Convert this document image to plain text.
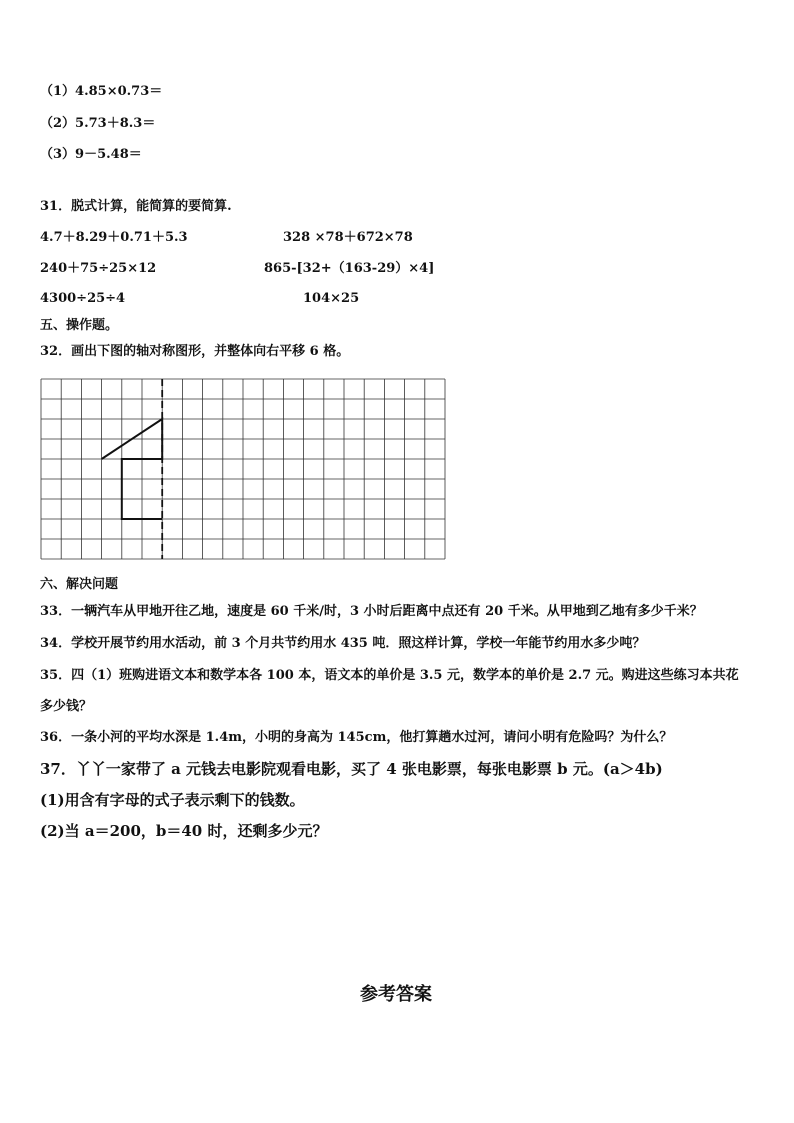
（1）4.85×0.73＝
（2）5.73＋8.3＝
（3）9－5.48＝
31．脱式计算，能简算的要简算.
4.7＋8.29＋0.71＋5.3	328 ×78＋672×78
240＋75÷25×12	865-[32+（163-29）×4]
4300÷25÷4	104×25
五、操作题。
32．画出下图的轴对称图形，并整体向右平移 6 格。
六、解决问题
33．一辆汽车从甲地开往乙地，速度是 60 千米/时，3 小时后距离中点还有 20 千米。从甲地到乙地有多少千米？
34．学校开展节约用水活动，前 3 个月共节约用水 435 吨．照这样计算，学校一年能节约用水多少吨？
35．四（1）班购进语文本和数学本各 100 本，语文本的单价是 3.5 元，数学本的单价是 2.7 元。购进这些练习本共花
多少钱？
36．一条小河的平均水深是 1.4m，小明的身高为 145cm，他打算趟水过河，请问小明有危险吗？为什么？
37．丫丫一家带了 a 元钱去电影院观看电影，买了 4 张电影票，每张电影票 b 元。(a＞4b)
(1)用含有字母的式子表示剩下的钱数。
(2)当 a＝200，b＝40 时，还剩多少元？
参考答案
